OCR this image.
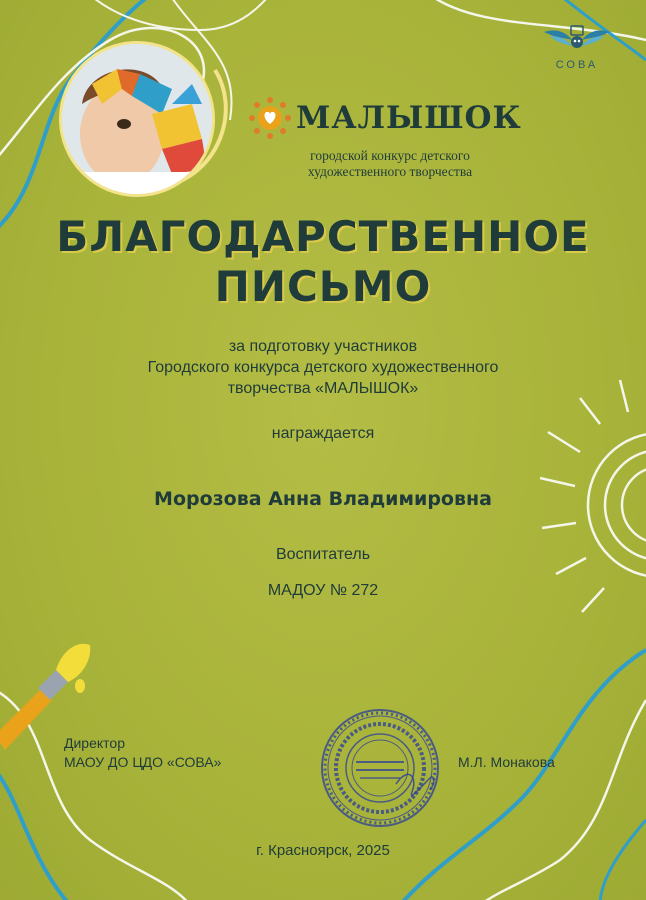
МАЛЫШОК
городской конкурс детского
художественного творчества
СОВА
БЛАГОДАРСТВЕННОЕ
ПИСЬМО
за подготовку участников
Городского конкурса детского художественного
творчества «МАЛЫШОК»
награждается
Морозова Анна Владимировна
Воспитатель
МАДОУ № 272
Директор
МАОУ ДО ЦДО «СОВА»	М.Л. Монакова
г. Красноярск, 2025
